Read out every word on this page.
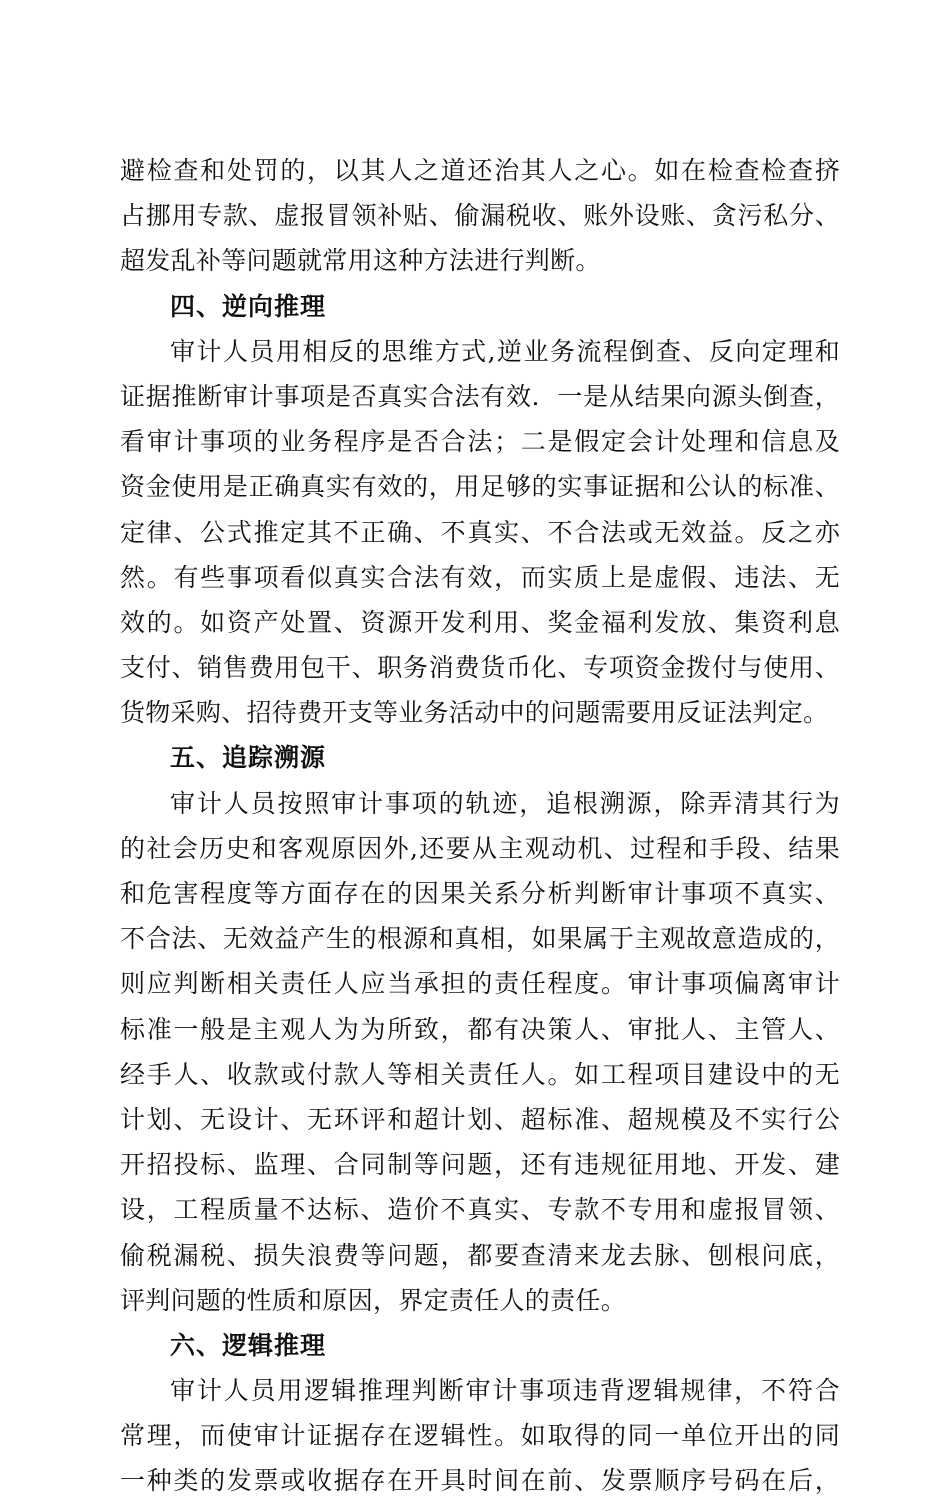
避检查和处罚的，以其人之道还治其人之心。如在检查检查挤
占挪用专款、虚报冒领补贴、偷漏税收、账外设账、贪污私分、
超发乱补等问题就常用这种方法进行判断。
四、逆向推理
审计人员用相反的思维方式,逆业务流程倒查、反向定理和
证据推断审计事项是否真实合法有效．一是从结果向源头倒查，
看审计事项的业务程序是否合法；二是假定会计处理和信息及
资金使用是正确真实有效的，用足够的实事证据和公认的标准、
定律、公式推定其不正确、不真实、不合法或无效益。反之亦
然。有些事项看似真实合法有效，而实质上是虚假、违法、无
效的。如资产处置、资源开发利用、奖金福利发放、集资利息
支付、销售费用包干、职务消费货币化、专项资金拨付与使用、
货物采购、招待费开支等业务活动中的问题需要用反证法判定。
五、追踪溯源
审计人员按照审计事项的轨迹，追根溯源，除弄清其行为
的社会历史和客观原因外,还要从主观动机、过程和手段、结果
和危害程度等方面存在的因果关系分析判断审计事项不真实、
不合法、无效益产生的根源和真相，如果属于主观故意造成的，
则应判断相关责任人应当承担的责任程度。审计事项偏离审计
标准一般是主观人为为所致，都有决策人、审批人、主管人、
经手人、收款或付款人等相关责任人。如工程项目建设中的无
计划、无设计、无环评和超计划、超标准、超规模及不实行公
开招投标、监理、合同制等问题，还有违规征用地、开发、建
设，工程质量不达标、造价不真实、专款不专用和虚报冒领、
偷税漏税、损失浪费等问题，都要查清来龙去脉、刨根问底，
评判问题的性质和原因，界定责任人的责任。
六、逻辑推理
审计人员用逻辑推理判断审计事项违背逻辑规律，不符合
常理，而使审计证据存在逻辑性。如取得的同一单位开出的同
一种类的发票或收据存在开具时间在前、发票顺序号码在后，
